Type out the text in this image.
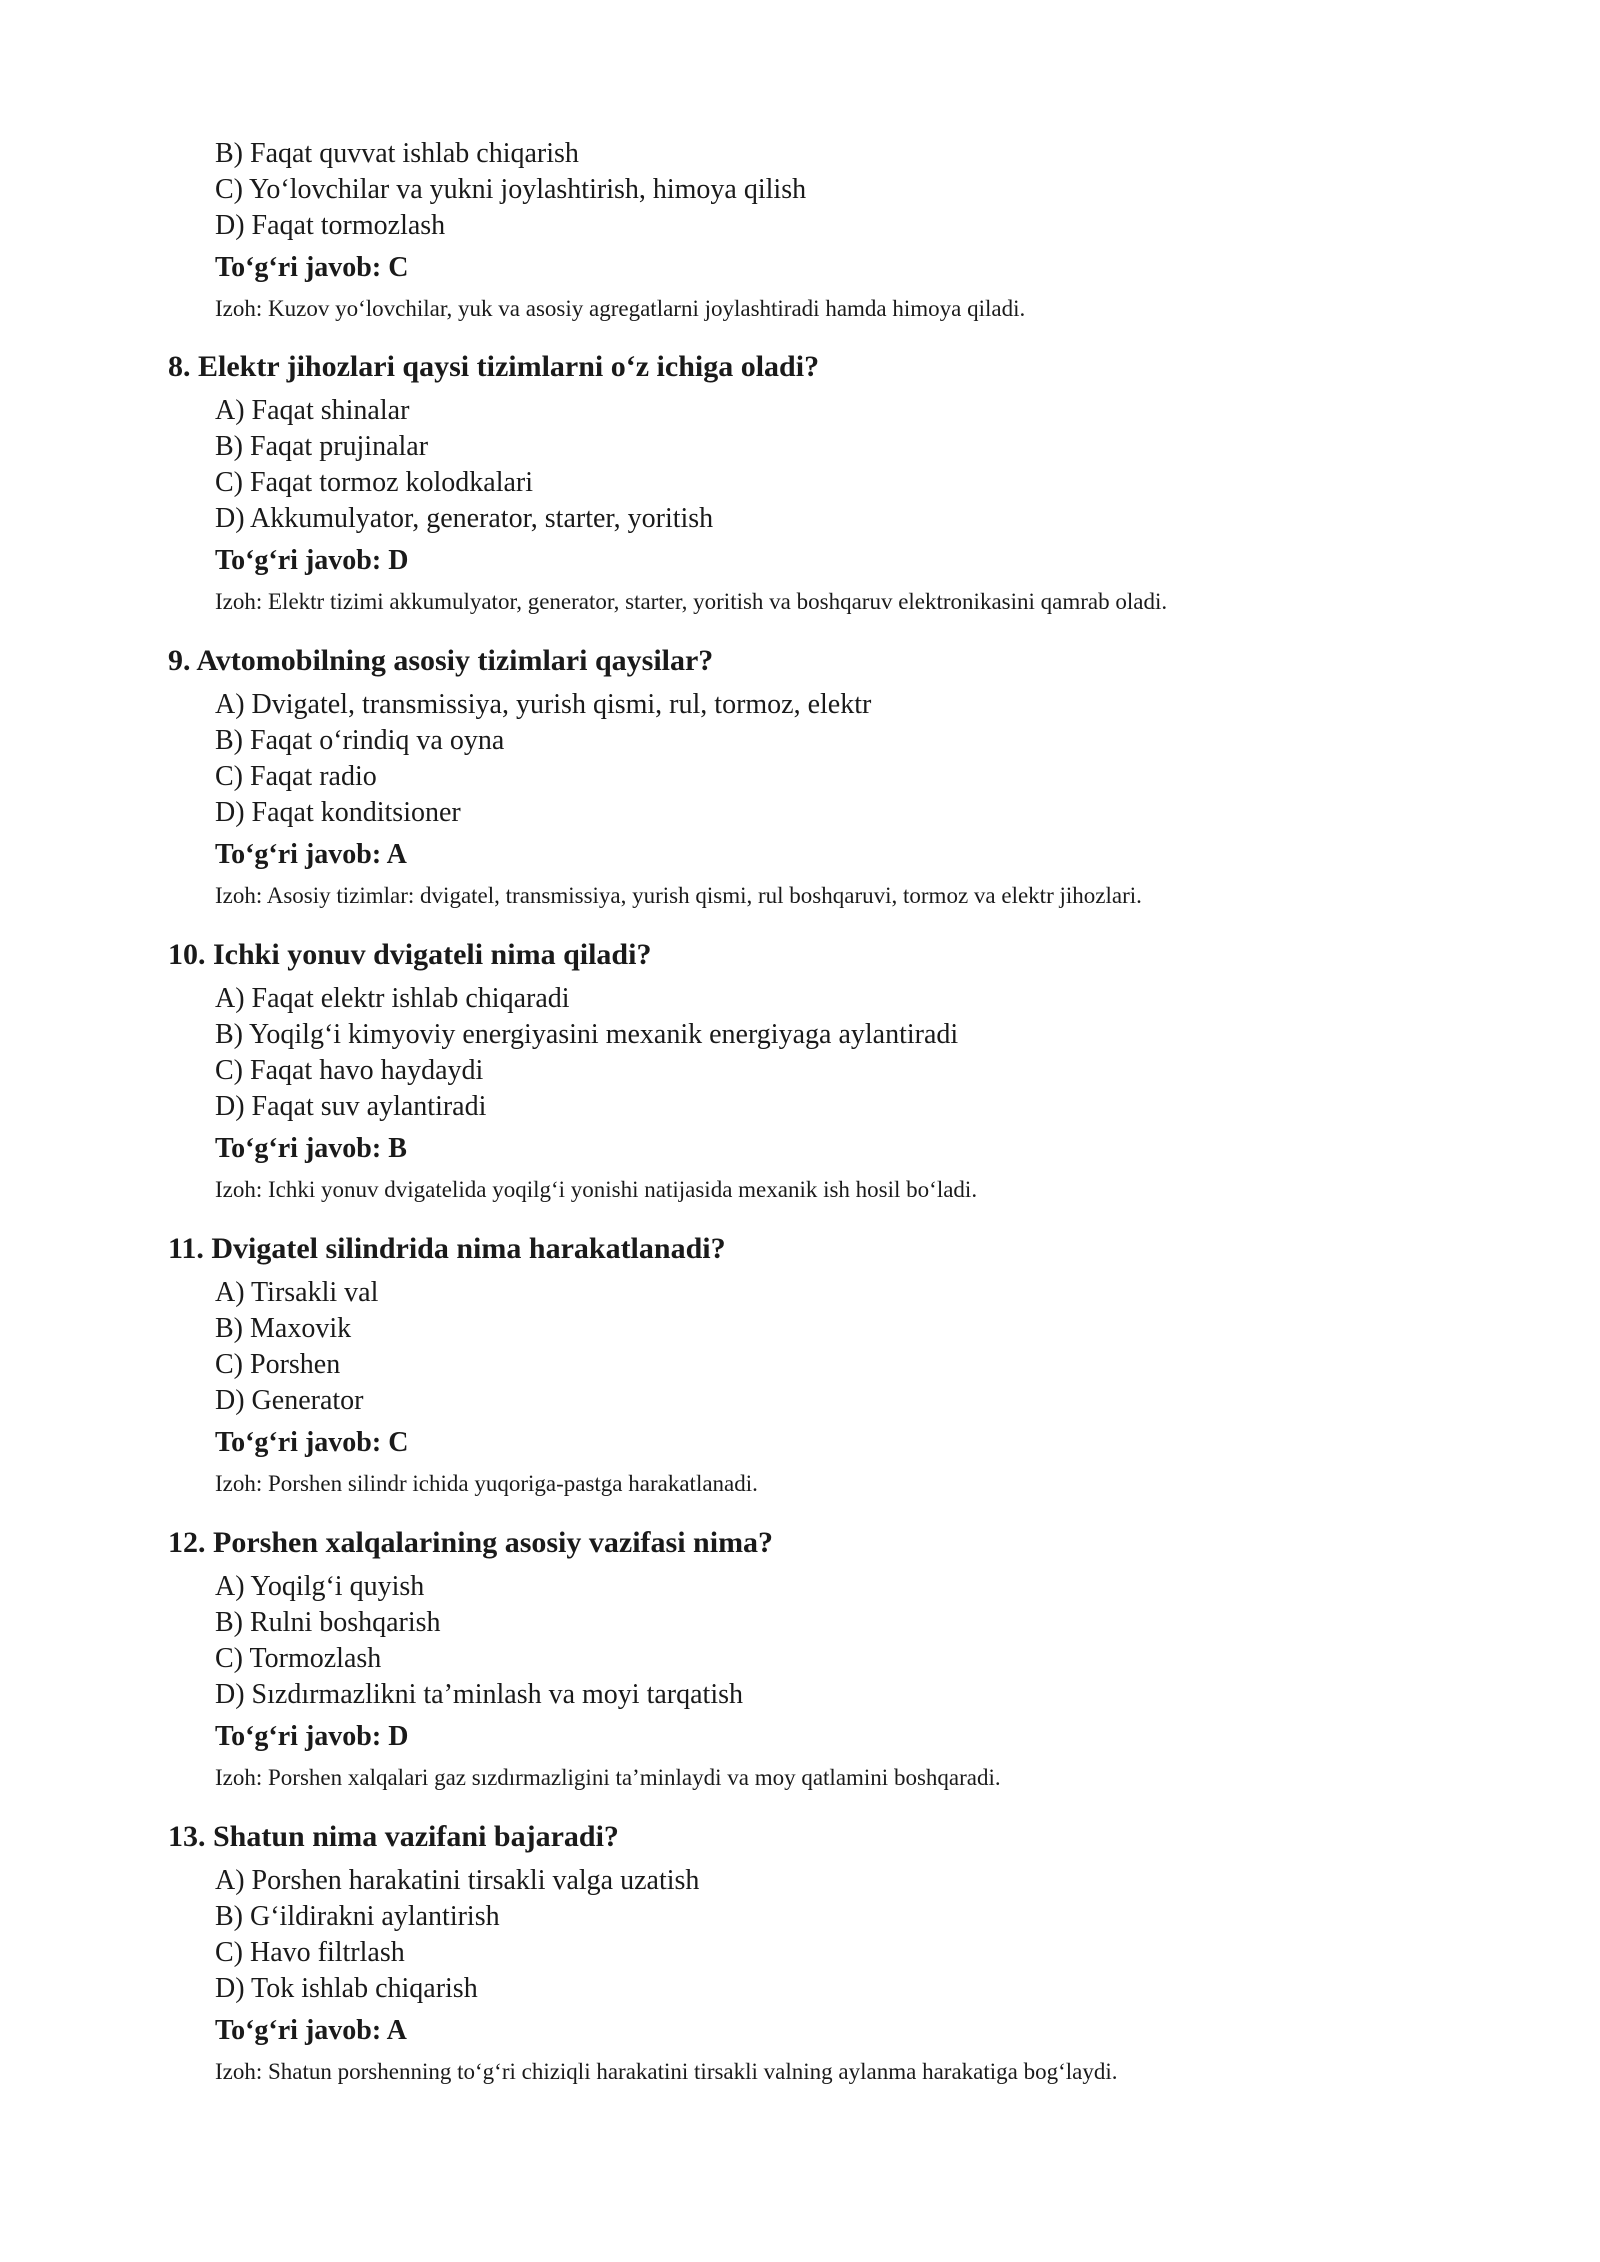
B) Faqat quvvat ishlab chiqarish
C) Yo‘lovchilar va yukni joylashtirish, himoya qilish
D) Faqat tormozlash
To‘g‘ri javob: C
Izoh: Kuzov yo‘lovchilar, yuk va asosiy agregatlarni joylashtiradi hamda himoya qiladi.
8. Elektr jihozlari qaysi tizimlarni o‘z ichiga oladi?
A) Faqat shinalar
B) Faqat prujinalar
C) Faqat tormoz kolodkalari
D) Akkumulyator, generator, starter, yoritish
To‘g‘ri javob: D
Izoh: Elektr tizimi akkumulyator, generator, starter, yoritish va boshqaruv elektronikasini qamrab oladi.
9. Avtomobilning asosiy tizimlari qaysilar?
A) Dvigatel, transmissiya, yurish qismi, rul, tormoz, elektr
B) Faqat o‘rindiq va oyna
C) Faqat radio
D) Faqat konditsioner
To‘g‘ri javob: A
Izoh: Asosiy tizimlar: dvigatel, transmissiya, yurish qismi, rul boshqaruvi, tormoz va elektr jihozlari.
10. Ichki yonuv dvigateli nima qiladi?
A) Faqat elektr ishlab chiqaradi
B) Yoqilg‘i kimyoviy energiyasini mexanik energiyaga aylantiradi
C) Faqat havo haydaydi
D) Faqat suv aylantiradi
To‘g‘ri javob: B
Izoh: Ichki yonuv dvigatelida yoqilg‘i yonishi natijasida mexanik ish hosil bo‘ladi.
11. Dvigatel silindrida nima harakatlanadi?
A) Tirsakli val
B) Maxovik
C) Porshen
D) Generator
To‘g‘ri javob: C
Izoh: Porshen silindr ichida yuqoriga-pastga harakatlanadi.
12. Porshen xalqalarining asosiy vazifasi nima?
A) Yoqilg‘i quyish
B) Rulni boshqarish
C) Tormozlash
D) Sızdırmazlikni ta’minlash va moyi tarqatish
To‘g‘ri javob: D
Izoh: Porshen xalqalari gaz sızdırmazligini ta’minlaydi va moy qatlamini boshqaradi.
13. Shatun nima vazifani bajaradi?
A) Porshen harakatini tirsakli valga uzatish
B) G‘ildirakni aylantirish
C) Havo filtrlash
D) Tok ishlab chiqarish
To‘g‘ri javob: A
Izoh: Shatun porshenning to‘g‘ri chiziqli harakatini tirsakli valning aylanma harakatiga bog‘laydi.
